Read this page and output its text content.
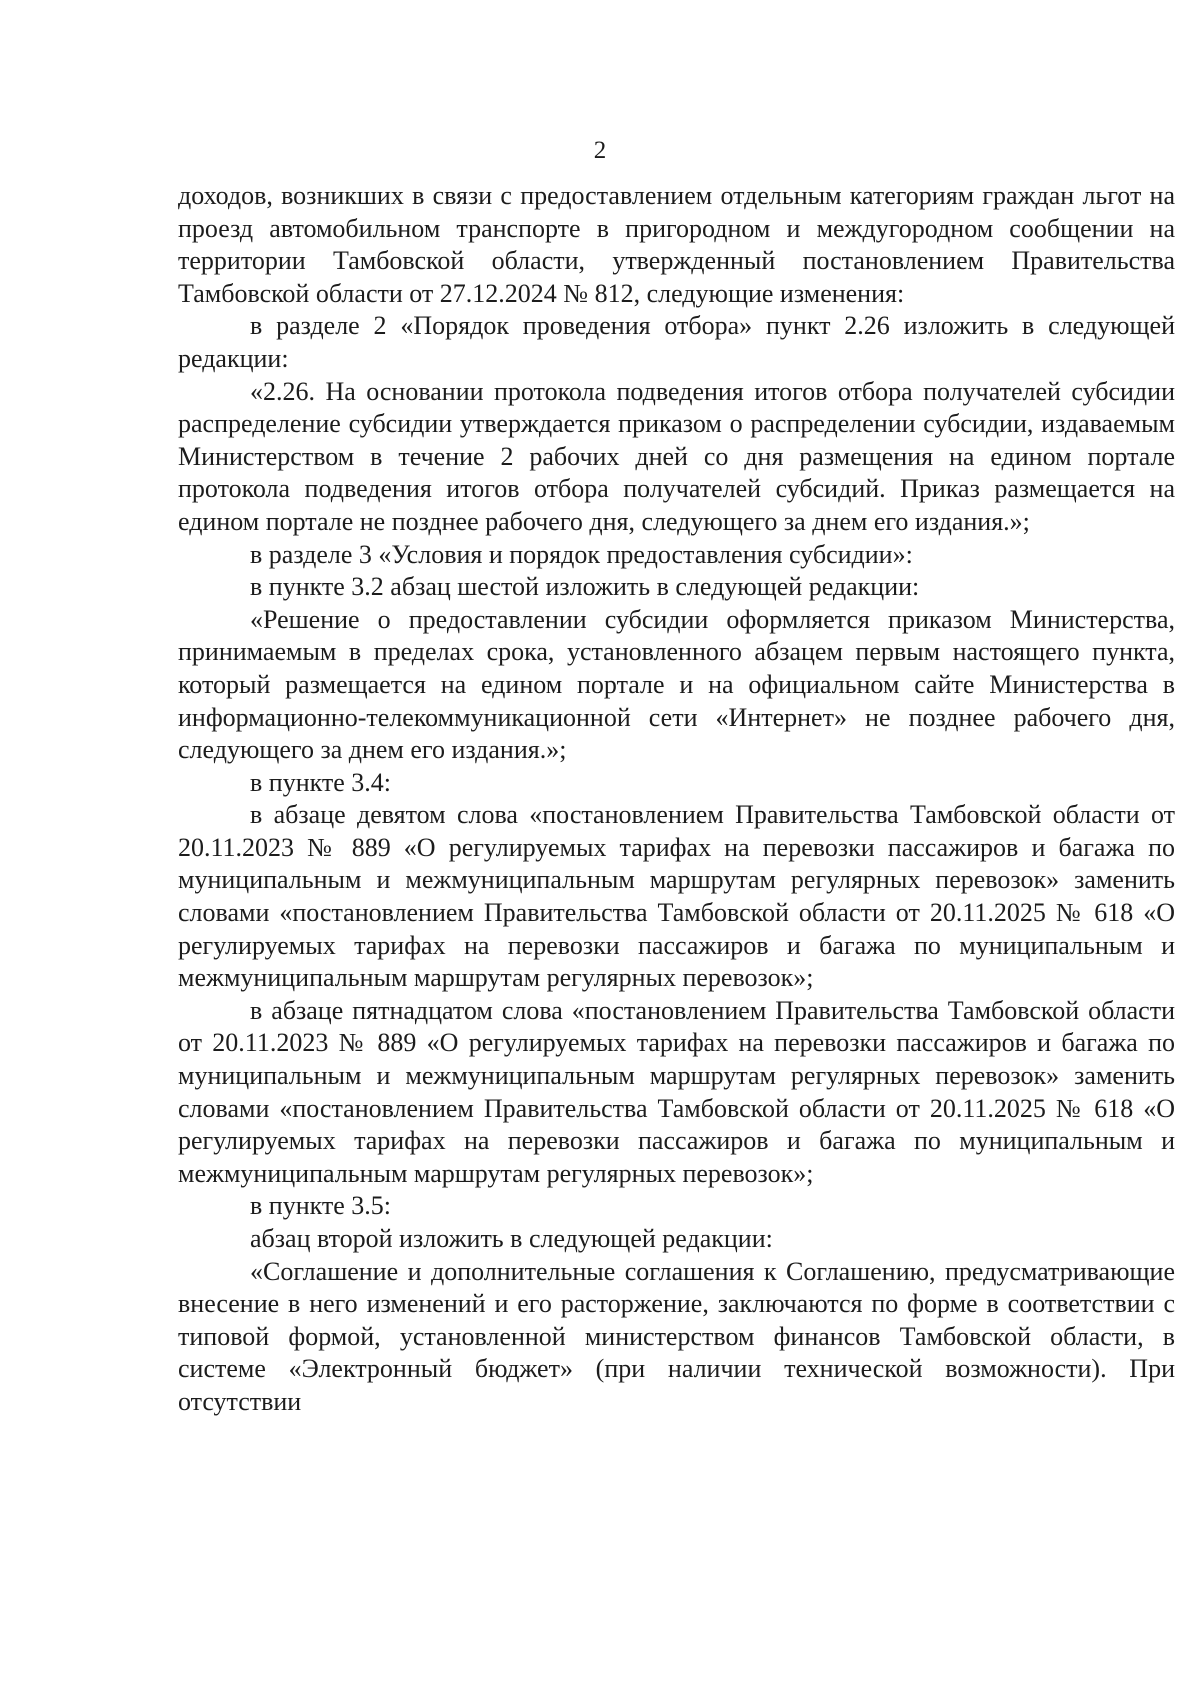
2

доходов, возникших в связи с предоставлением отдельным категориям граждан льгот на проезд автомобильном транспорте в пригородном и междугородном сообщении на территории Тамбовской области, утвержденный постановлением Правительства Тамбовской области от 27.12.2024 № 812, следующие изменения:

в разделе 2 «Порядок проведения отбора» пункт 2.26 изложить в следующей редакции:

«2.26. На основании протокола подведения итогов отбора получателей субсидии распределение субсидии утверждается приказом о распределении субсидии, издаваемым Министерством в течение 2 рабочих дней со дня размещения на едином портале протокола подведения итогов отбора получателей субсидий. Приказ размещается на едином портале не позднее рабочего дня, следующего за днем его издания.»;

в разделе 3 «Условия и порядок предоставления субсидии»:

в пункте 3.2 абзац шестой изложить в следующей редакции:

«Решение о предоставлении субсидии оформляется приказом Министерства, принимаемым в пределах срока, установленного абзацем первым настоящего пункта, который размещается на едином портале и на официальном сайте Министерства в информационно-телекоммуникационной сети «Интернет» не позднее рабочего дня, следующего за днем его издания.»;

в пункте 3.4:

в абзаце девятом слова «постановлением Правительства Тамбовской области от 20.11.2023 № 889 «О регулируемых тарифах на перевозки пассажиров и багажа по муниципальным и межмуниципальным маршрутам регулярных перевозок» заменить словами «постановлением Правительства Тамбовской области от 20.11.2025 № 618 «О регулируемых тарифах на перевозки пассажиров и багажа по муниципальным и межмуниципальным маршрутам регулярных перевозок»;

в абзаце пятнадцатом слова «постановлением Правительства Тамбовской области от 20.11.2023 № 889 «О регулируемых тарифах на перевозки пассажиров и багажа по муниципальным и межмуниципальным маршрутам регулярных перевозок» заменить словами «постановлением Правительства Тамбовской области от 20.11.2025 № 618 «О регулируемых тарифах на перевозки пассажиров и багажа по муниципальным и межмуниципальным маршрутам регулярных перевозок»;

в пункте 3.5:

абзац второй изложить в следующей редакции:

«Соглашение и дополнительные соглашения к Соглашению, предусматривающие внесение в него изменений и его расторжение, заключаются по форме в соответствии с типовой формой, установленной министерством финансов Тамбовской области, в системе «Электронный бюджет» (при наличии технической возможности). При отсутствии
